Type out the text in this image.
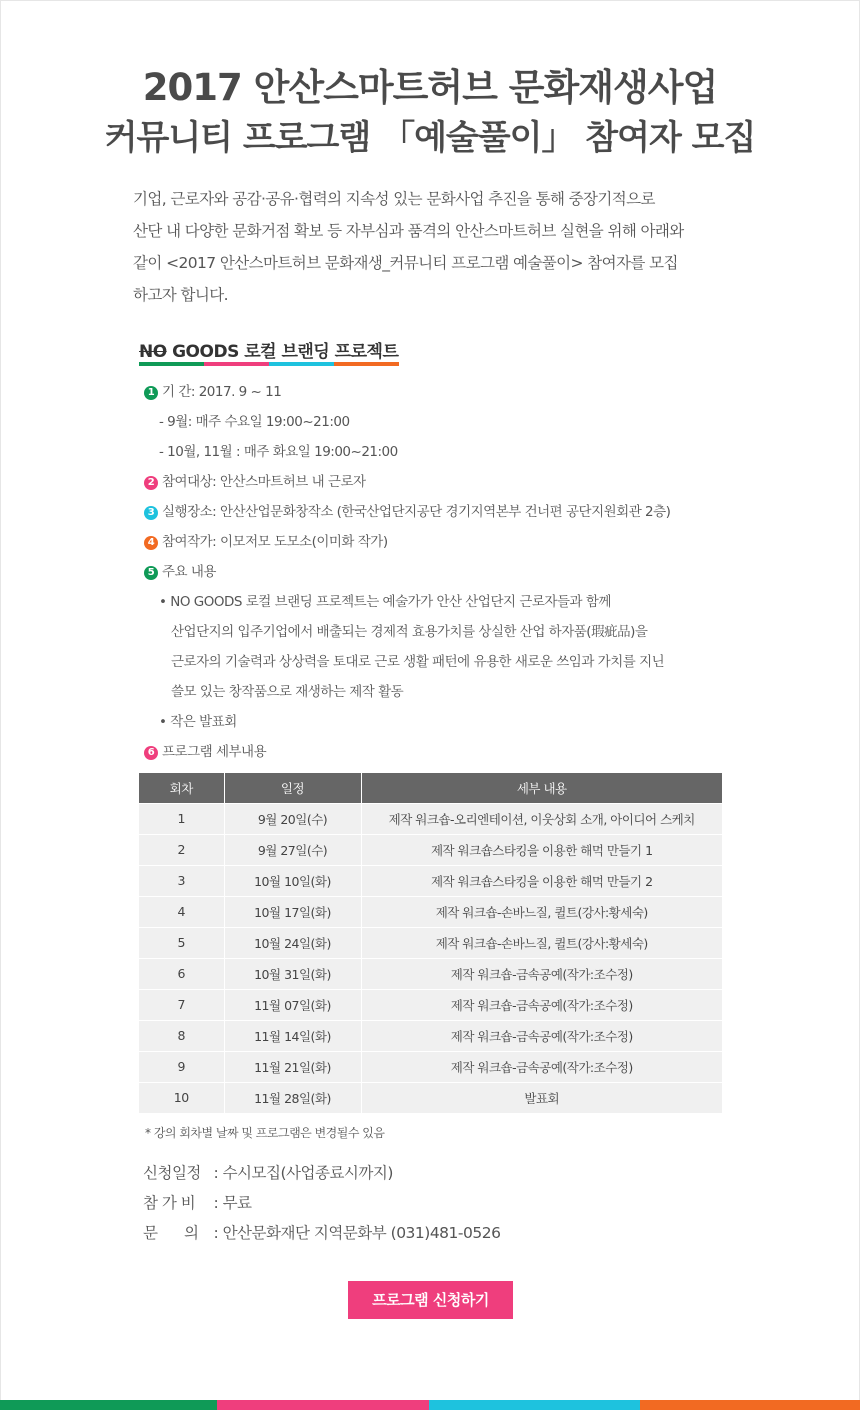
2017 안산스마트허브 문화재생사업
커뮤니티 프로그램 「예술풀이」 참여자 모집
기업, 근로자와 공감·공유·협력의 지속성 있는 문화사업 추진을 통해 중장기적으로
산단 내 다양한 문화거점 확보 등 자부심과 품격의 안산스마트허브 실현을 위해 아래와
같이 <2017 안산스마트허브 문화재생_커뮤니티 프로그램 예술풀이> 참여자를 모집
하고자 합니다.
NO GOODS 로컬 브랜딩 프로젝트
1 기 간: 2017. 9 ~ 11
- 9월: 매주 수요일 19:00~21:00
- 10월, 11월 : 매주 화요일 19:00~21:00
2 참여대상: 안산스마트허브 내 근로자
3 실행장소: 안산산업문화창작소 (한국산업단지공단 경기지역본부 건너편 공단지원회관 2층)
4 참여작가: 이모저모 도모소(이미화 작가)
5 주요 내용
• NO GOODS 로컬 브랜딩 프로젝트는 예술가가 안산 산업단지 근로자들과 함께
산업단지의 입주기업에서 배출되는 경제적 효용가치를 상실한 산업 하자품(瑕疵品)을
근로자의 기술력과 상상력을 토대로 근로 생활 패턴에 유용한 새로운 쓰임과 가치를 지닌
쓸모 있는 창작품으로 재생하는 제작 활동
• 작은 발표회
6 프로그램 세부내용
회차	일정	세부 내용
1	9월 20일(수)	제작 워크숍-오리엔테이션, 이웃상회 소개, 아이디어 스케치
2	9월 27일(수)	제작 워크숍스타킹을 이용한 해먹 만들기 1
3	10월 10일(화)	제작 워크숍스타킹을 이용한 해먹 만들기 2
4	10월 17일(화)	제작 워크숍-손바느질, 퀼트(강사:황세숙)
5	10월 24일(화)	제작 워크숍-손바느질, 퀼트(강사:황세숙)
6	10월 31일(화)	제작 워크숍-금속공예(작가:조수정)
7	11월 07일(화)	제작 워크숍-금속공예(작가:조수정)
8	11월 14일(화)	제작 워크숍-금속공예(작가:조수정)
9	11월 21일(화)	제작 워크숍-금속공예(작가:조수정)
10	11월 28일(화)	발표회
* 강의 회차별 날짜 및 프로그램은 변경될수 있음
신청일정 : 수시모집(사업종료시까지)
참 가 비 : 무료
문      의 : 안산문화재단 지역문화부 (031)481-0526
프로그램 신청하기
